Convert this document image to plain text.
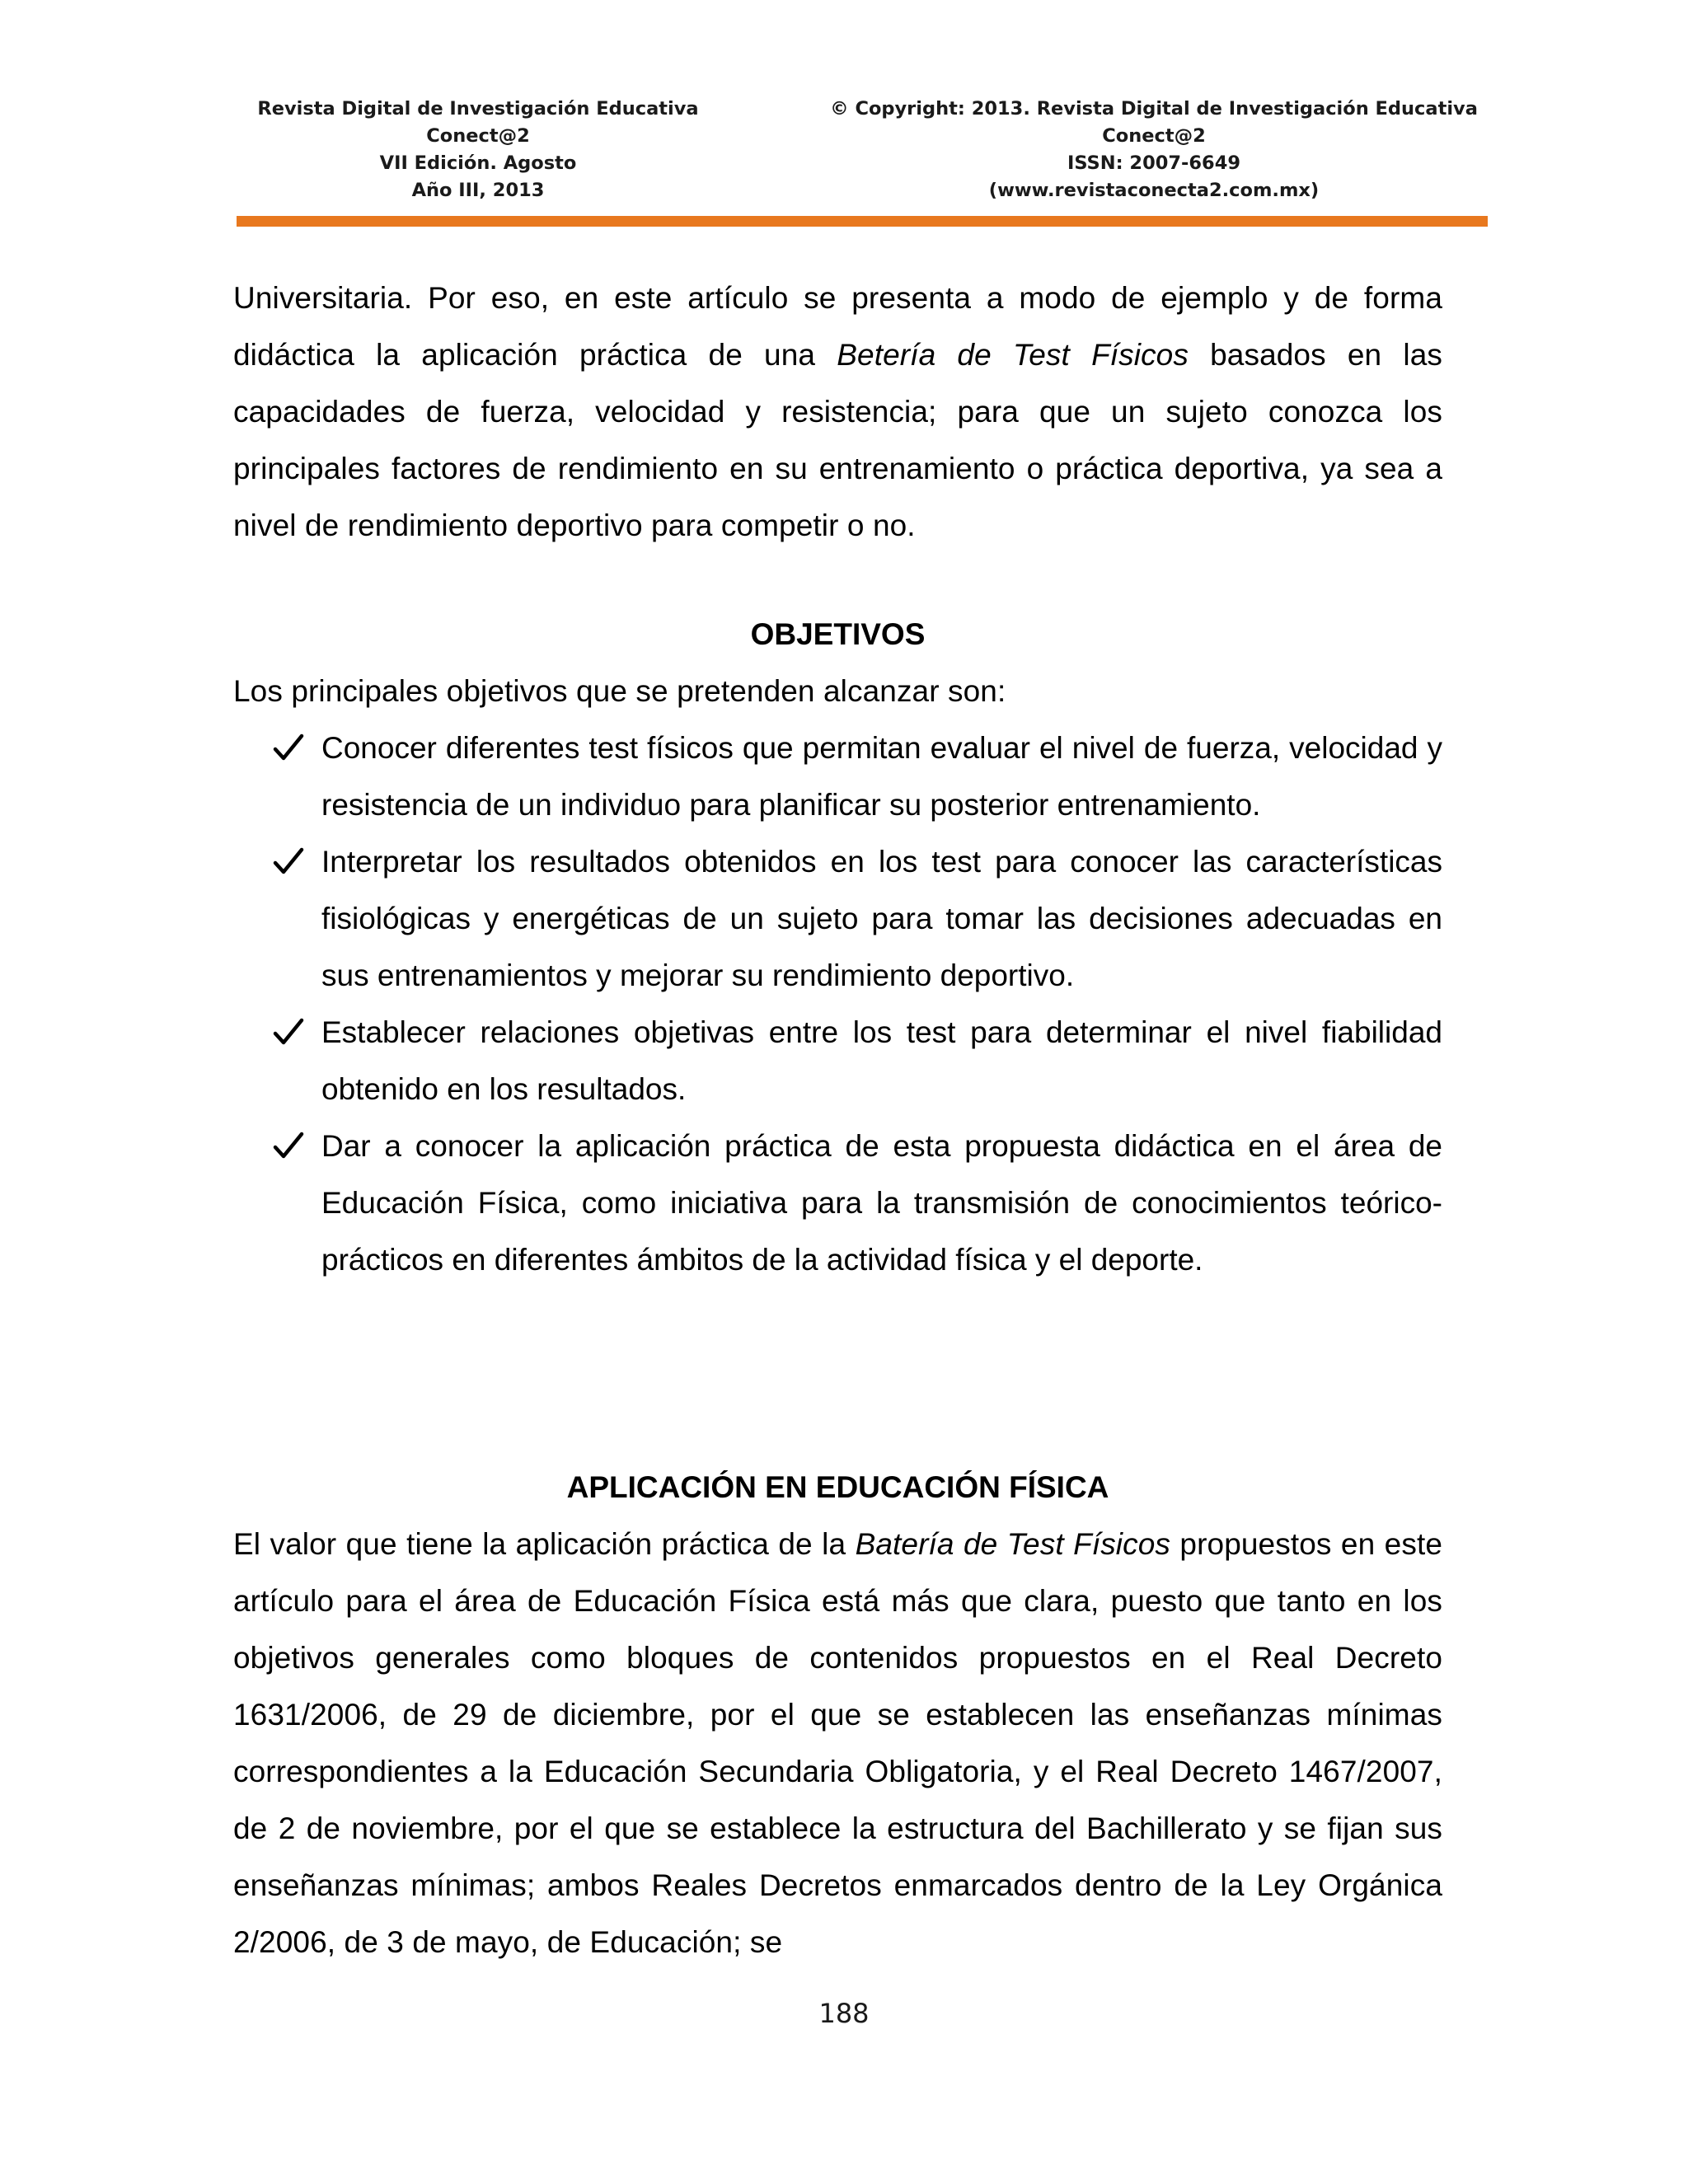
Revista Digital de Investigación Educativa
Conect@2
VII Edición. Agosto
Año III, 2013
© Copyright: 2013. Revista Digital de Investigación Educativa
Conect@2
ISSN: 2007-6649
(www.revistaconecta2.com.mx)

Universitaria. Por eso, en este artículo se presenta a modo de ejemplo y de forma didáctica la aplicación práctica de una Betería de Test Físicos basados en las capacidades de fuerza, velocidad y resistencia; para que un sujeto conozca los principales factores de rendimiento en su entrenamiento o práctica deportiva, ya sea a nivel de rendimiento deportivo para competir o no.

OBJETIVOS
Los principales objetivos que se pretenden alcanzar son:
Conocer diferentes test físicos que permitan evaluar el nivel de fuerza, velocidad y resistencia de un individuo para planificar su posterior entrenamiento.
Interpretar los resultados obtenidos en los test para conocer las características fisiológicas y energéticas de un sujeto para tomar las decisiones adecuadas en sus entrenamientos y mejorar su rendimiento deportivo.
Establecer relaciones objetivas entre los test para determinar el nivel fiabilidad obtenido en los resultados.
Dar a conocer la aplicación práctica de esta propuesta didáctica en el área de Educación Física, como iniciativa para la transmisión de conocimientos teórico-prácticos en diferentes ámbitos de la actividad física y el deporte.
APLICACIÓN EN EDUCACIÓN FÍSICA

El valor que tiene la aplicación práctica de la Batería de Test Físicos propuestos en este artículo para el área de Educación Física está más que clara, puesto que tanto en los objetivos generales como bloques de contenidos propuestos en el Real Decreto 1631/2006, de 29 de diciembre, por el que se establecen las enseñanzas mínimas correspondientes a la Educación Secundaria Obligatoria, y el Real Decreto 1467/2007, de 2 de noviembre, por el que se establece la estructura del Bachillerato y se fijan sus enseñanzas mínimas; ambos Reales Decretos enmarcados dentro de la Ley Orgánica 2/2006, de 3 de mayo, de Educación; se

188
